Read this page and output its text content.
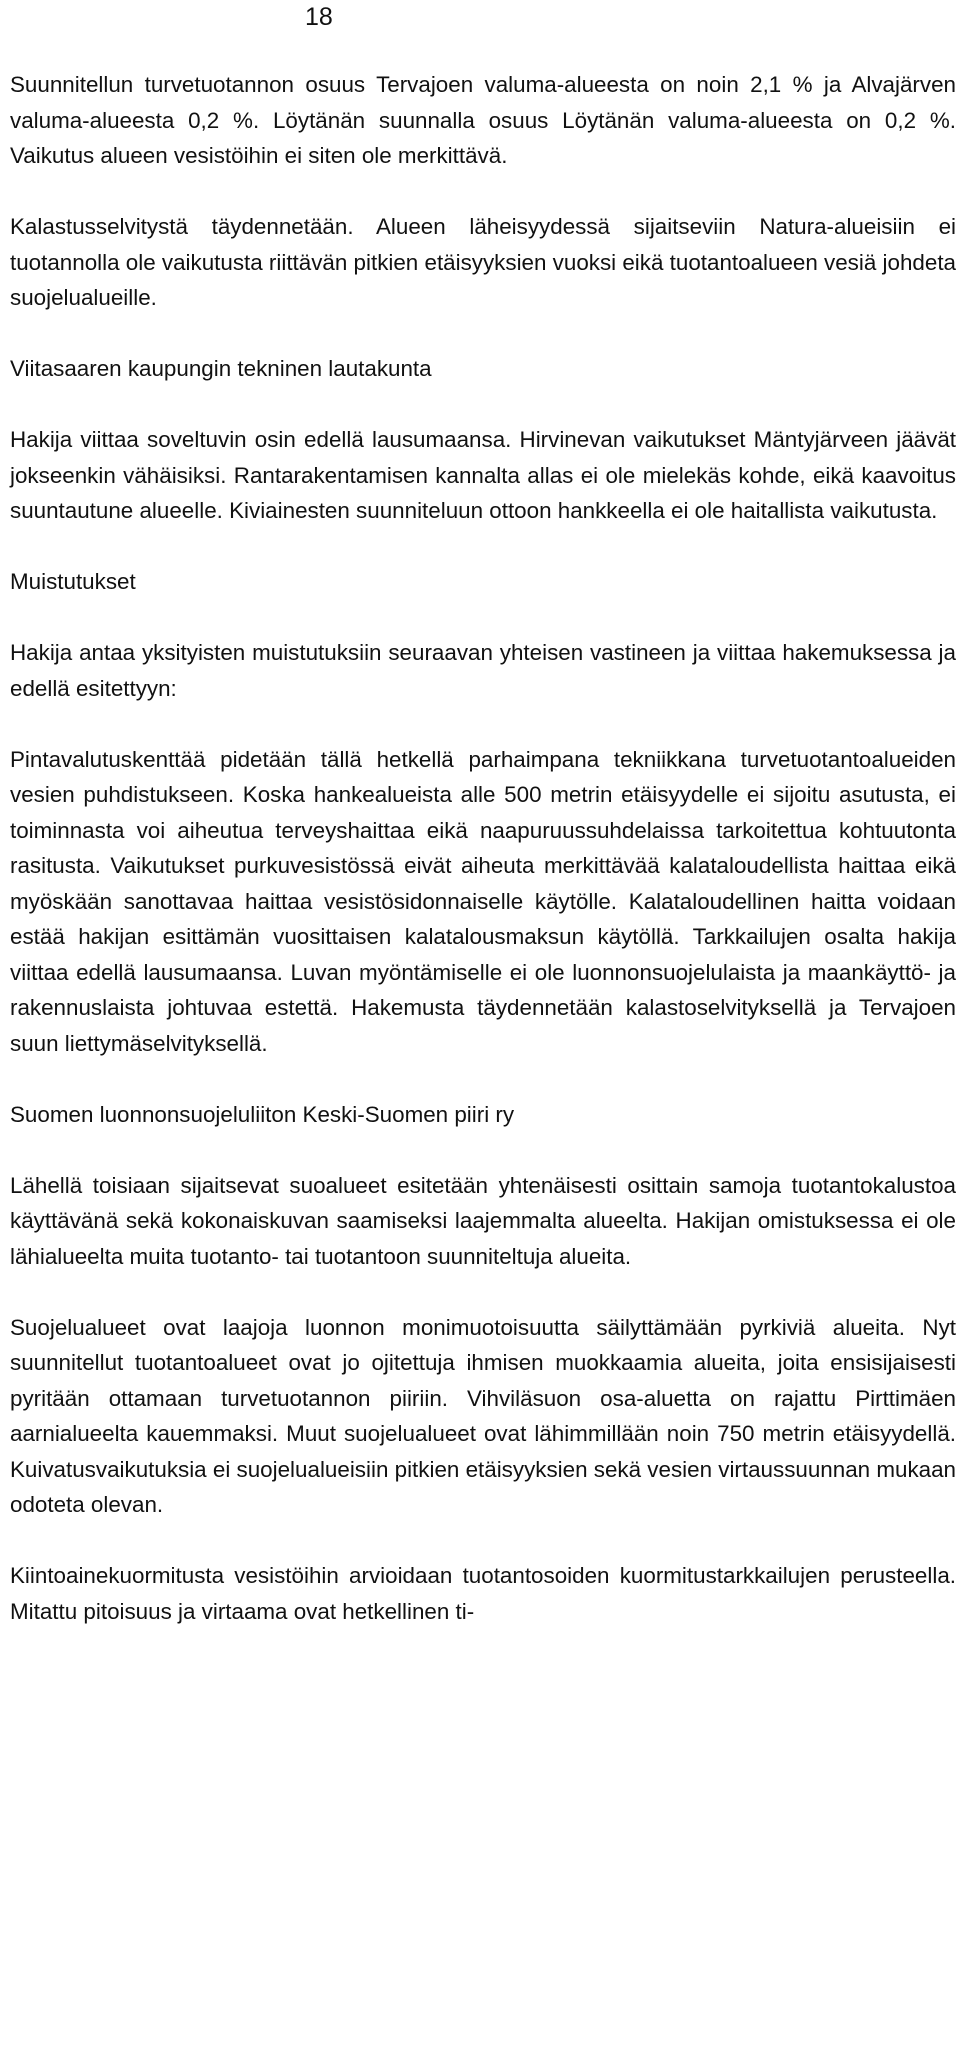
18

Suunnitellun turvetuotannon osuus Tervajoen valuma-alueesta on noin 2,1 % ja Alvajärven valuma-alueesta 0,2 %. Löytänän suunnalla osuus Löytänän valuma-alueesta on 0,2 %. Vaikutus alueen vesistöihin ei siten ole merkittävä.

Kalastusselvitystä täydennetään. Alueen läheisyydessä sijaitseviin Natura-alueisiin ei tuotannolla ole vaikutusta riittävän pitkien etäisyyksien vuoksi eikä tuotantoalueen vesiä johdeta suojelualueille.

Viitasaaren kaupungin tekninen lautakunta

Hakija viittaa soveltuvin osin edellä lausumaansa. Hirvinevan vaikutukset Mäntyjärveen jäävät jokseenkin vähäisiksi. Rantarakentamisen kannalta allas ei ole mielekäs kohde, eikä kaavoitus suuntautune alueelle. Kiviainesten suunniteluun ottoon hankkeella ei ole haitallista vaikutusta.

Muistutukset

Hakija antaa yksityisten muistutuksiin seuraavan yhteisen vastineen ja viittaa hakemuksessa ja edellä esitettyyn:

Pintavalutuskenttää pidetään tällä hetkellä parhaimpana tekniikkana turvetuotantoalueiden vesien puhdistukseen. Koska hankealueista alle 500 metrin etäisyydelle ei sijoitu asutusta, ei toiminnasta voi aiheutua terveyshaittaa eikä naapuruussuhdelaissa tarkoitettua kohtuutonta rasitusta. Vaikutukset purkuvesistössä eivät aiheuta merkittävää kalataloudellista haittaa eikä myöskään sanottavaa haittaa vesistösidonnaiselle käytölle. Kalataloudellinen haitta voidaan estää hakijan esittämän vuosittaisen kalatalousmaksun käytöllä. Tarkkailujen osalta hakija viittaa edellä lausumaansa. Luvan myöntämiselle ei ole luonnonsuojelulaista ja maankäyttö- ja rakennuslaista johtuvaa estettä. Hakemusta täydennetään kalastoselvityksellä ja Tervajoen suun liettymäselvityksellä.

Suomen luonnonsuojeluliiton Keski-Suomen piiri ry

Lähellä toisiaan sijaitsevat suoalueet esitetään yhtenäisesti osittain samoja tuotantokalustoa käyttävänä sekä kokonaiskuvan saamiseksi laajemmalta alueelta. Hakijan omistuksessa ei ole lähialueelta muita tuotanto- tai tuotantoon suunniteltuja alueita.

Suojelualueet ovat laajoja luonnon monimuotoisuutta säilyttämään pyrkiviä alueita. Nyt suunnitellut tuotantoalueet ovat jo ojitettuja ihmisen muokkaamia alueita, joita ensisijaisesti pyritään ottamaan turvetuotannon piiriin. Vihviläsuon osa-aluetta on rajattu Pirttimäen aarnialueelta kauemmaksi. Muut suojelualueet ovat lähimmillään noin 750 metrin etäisyydellä. Kuivatusvaikutuksia ei suojelualueisiin pitkien etäisyyksien sekä vesien virtaussuunnan mukaan odoteta olevan.

Kiintoainekuormitusta vesistöihin arvioidaan tuotantosoiden kuormitustarkkailujen perusteella. Mitattu pitoisuus ja virtaama ovat hetkellinen ti-
